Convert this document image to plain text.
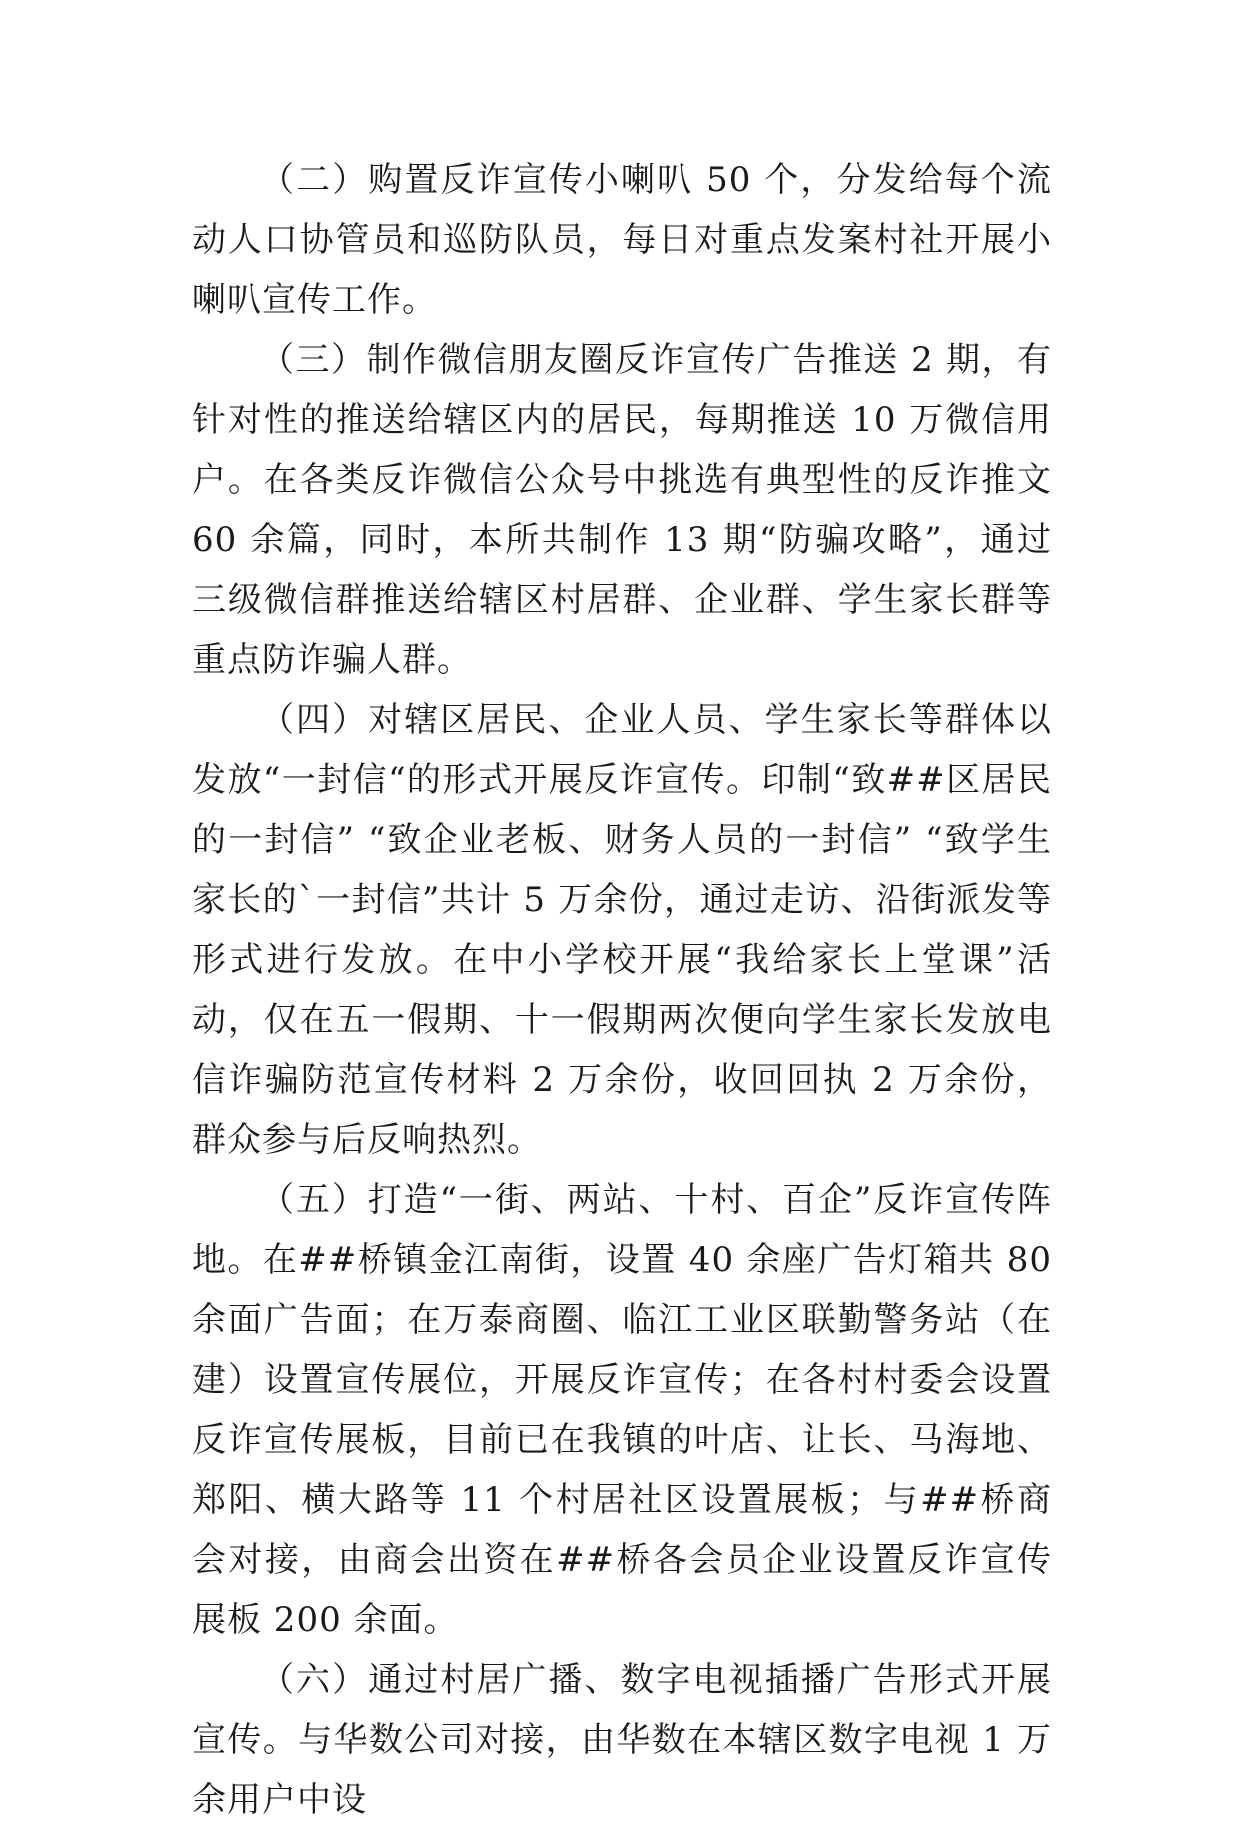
（二）购置反诈宣传小喇叭 50 个，分发给每个流动人口协管员和巡防队员，每日对重点发案村社开展小喇叭宣传工作。

（三）制作微信朋友圈反诈宣传广告推送 2 期，有针对性的推送给辖区内的居民，每期推送 10 万微信用户。在各类反诈微信公众号中挑选有典型性的反诈推文 60 余篇，同时，本所共制作 13 期“防骗攻略”，通过三级微信群推送给辖区村居群、企业群、学生家长群等重点防诈骗人群。

（四）对辖区居民、企业人员、学生家长等群体以发放“一封信“的形式开展反诈宣传。印制“致##区居民的一封信” “致企业老板、财务人员的一封信” “致学生家长的`一封信”共计 5 万余份，通过走访、沿街派发等形式进行发放。在中小学校开展“我给家长上堂课”活动，仅在五一假期、十一假期两次便向学生家长发放电信诈骗防范宣传材料 2 万余份，收回回执 2 万余份，群众参与后反响热烈。

（五）打造“一街、两站、十村、百企”反诈宣传阵地。在##桥镇金江南街，设置 40 余座广告灯箱共 80 余面广告面；在万泰商圈、临江工业区联勤警务站（在建）设置宣传展位，开展反诈宣传；在各村村委会设置反诈宣传展板，目前已在我镇的叶店、让长、马海地、郑阳、横大路等 11 个村居社区设置展板；与##桥商会对接，由商会出资在##桥各会员企业设置反诈宣传展板 200 余面。

（六）通过村居广播、数字电视插播广告形式开展宣传。与华数公司对接，由华数在本辖区数字电视 1 万余用户中设
